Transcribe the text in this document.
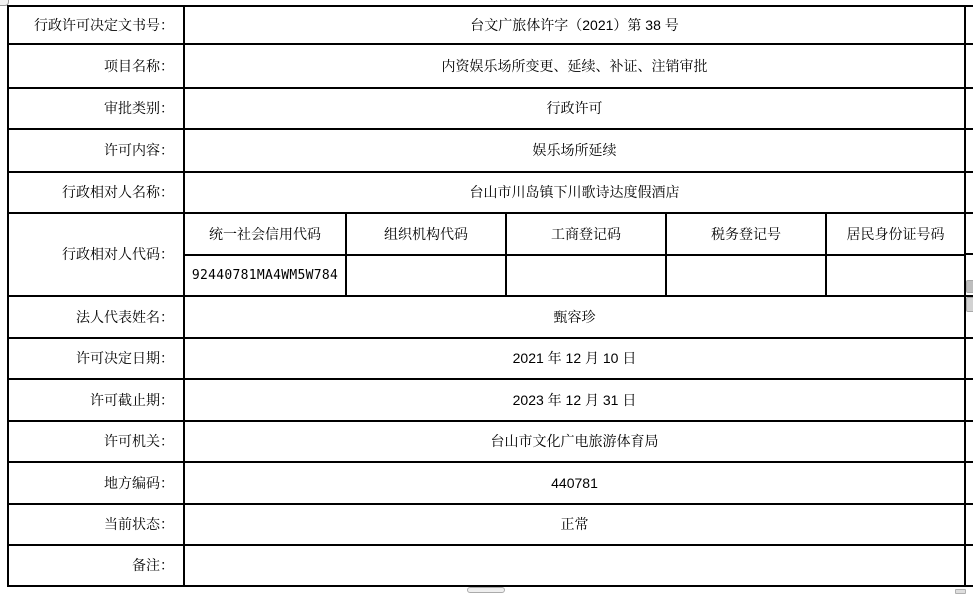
行政许可决定文书号：	台文广旅体许字（2021）第 38 号
项目名称：	内资娱乐场所变更、延续、补证、注销审批
审批类别：	行政许可
许可内容：	娱乐场所延续
行政相对人名称：	台山市川岛镇下川歌诗达度假酒店
行政相对人代码：
统一社会信用代码	组织机构代码	工商登记码	税务登记号	居民身份证号码
92440781MA4WM5W784
法人代表姓名：	甄容珍
许可决定日期：	2021 年 12 月 10 日
许可截止期：	2023 年 12 月 31 日
许可机关：	台山市文化广电旅游体育局
地方编码：	440781
当前状态：	正常
备注：
